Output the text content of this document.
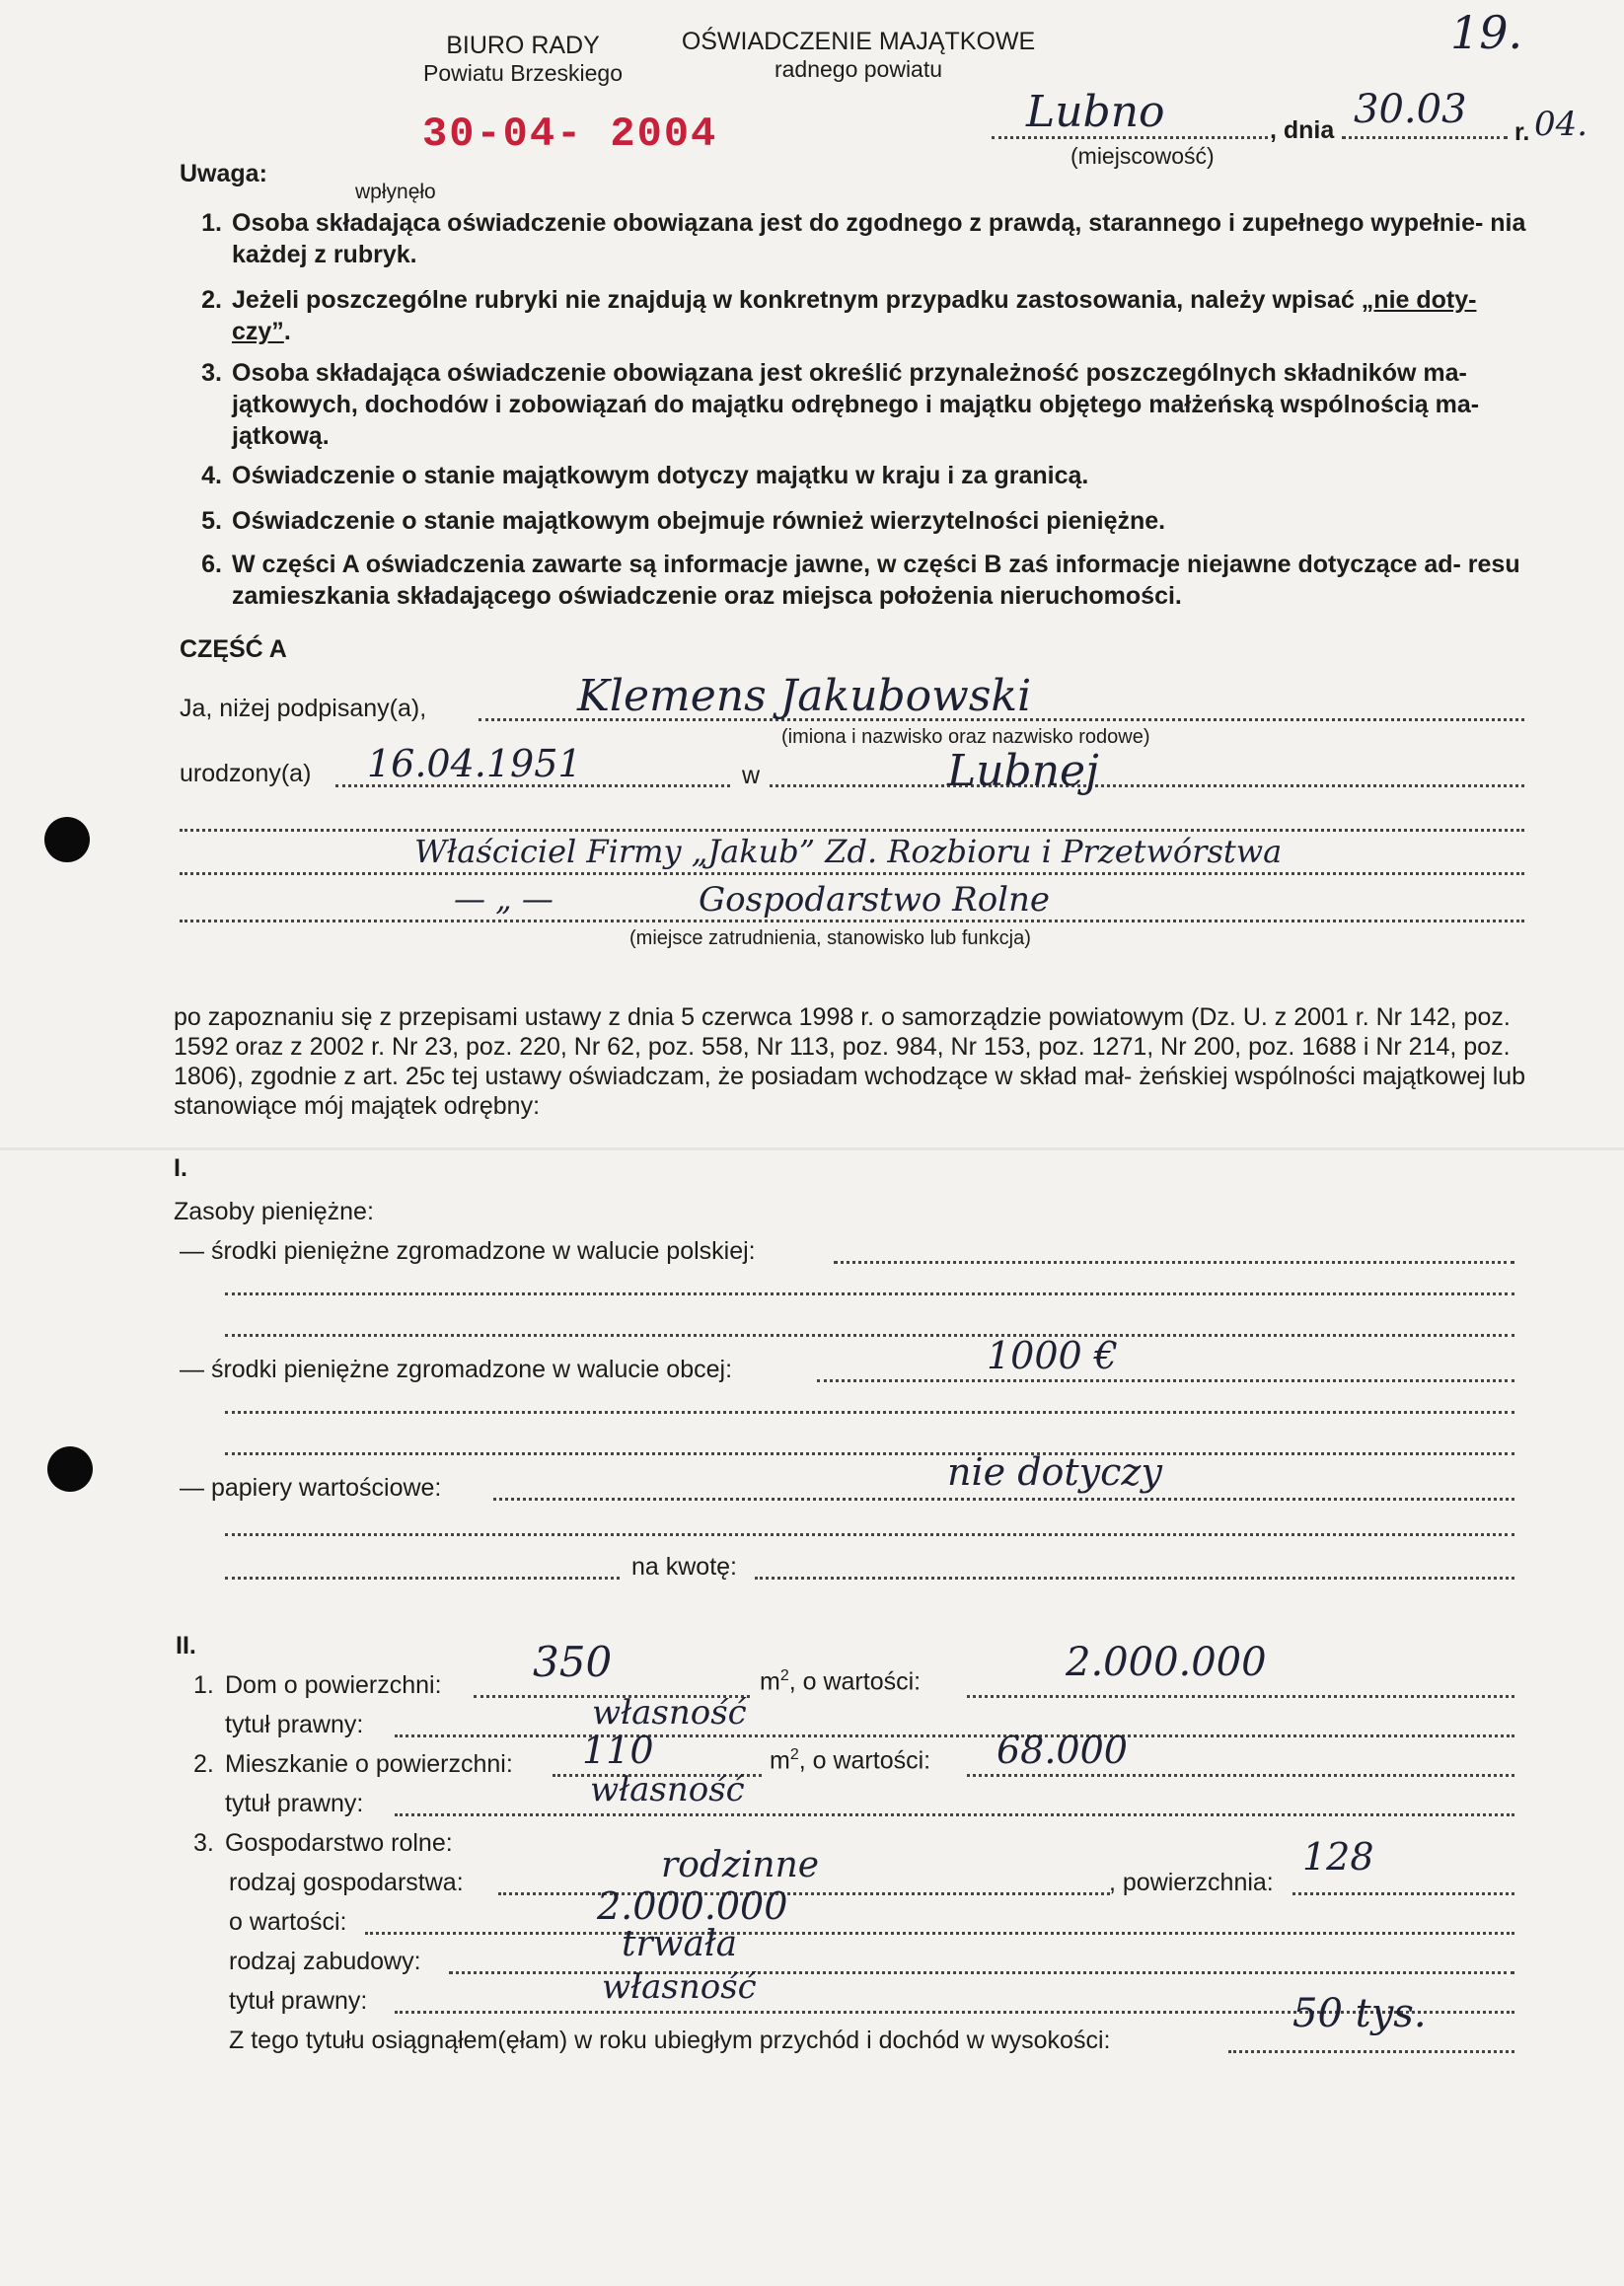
BIURO RADY
Powiatu Brzeskiego
OŚWIADCZENIE MAJĄTKOWE
radnego powiatu
30-04- 2004
19.
Lubno
(miejscowość)
, dnia 30.03 r. 04.
Uwaga:
wpłynęło
1. Osoba składająca oświadczenie obowiązana jest do zgodnego z prawdą, starannego i zupełnego wypełnie- nia każdej z rubryk.
2. Jeżeli poszczególne rubryki nie znajdują w konkretnym przypadku zastosowania, należy wpisać „nie doty- czy”.
3. Osoba składająca oświadczenie obowiązana jest określić przynależność poszczególnych składników ma- jątkowych, dochodów i zobowiązań do majątku odrębnego i majątku objętego małżeńską wspólnością ma- jątkową.
4. Oświadczenie o stanie majątkowym dotyczy majątku w kraju i za granicą.
5. Oświadczenie o stanie majątkowym obejmuje również wierzytelności pieniężne.
6. W części A oświadczenia zawarte są informacje jawne, w części B zaś informacje niejawne dotyczące ad- resu zamieszkania składającego oświadczenie oraz miejsca położenia nieruchomości.
CZĘŚĆ A
Ja, niżej podpisany(a),	Klemens Jakubowski
(imiona i nazwisko oraz nazwisko rodowe)
urodzony(a) 16.04.1951	w	Lubnej
Właściciel Firmy „Jakub” Zd. Rozbioru i Przetwórstwa
— „ —	Gospodarstwo Rolne
(miejsce zatrudnienia, stanowisko lub funkcja)
po zapoznaniu się z przepisami ustawy z dnia 5 czerwca 1998 r. o samorządzie powiatowym (Dz. U. z 2001 r. Nr 142, poz. 1592 oraz z 2002 r. Nr 23, poz. 220, Nr 62, poz. 558, Nr 113, poz. 984, Nr 153, poz. 1271, Nr 200, poz. 1688 i Nr 214, poz. 1806), zgodnie z art. 25c tej ustawy oświadczam, że posiadam wchodzące w skład mał- żeńskiej wspólności majątkowej lub stanowiące mój majątek odrębny:
I.
Zasoby pieniężne:
— środki pieniężne zgromadzone w walucie polskiej:
— środki pieniężne zgromadzone w walucie obcej:	1000 €
— papiery wartościowe:	nie dotyczy
na kwotę:
II.
1. Dom o powierzchni: 350	$m^2$, o wartości:	2.000.000
tytuł prawny:	własność
2. Mieszkanie o powierzchni: 110	$m^2$, o wartości: 68.000
tytuł prawny:	własność
3. Gospodarstwo rolne:
rodzaj gospodarstwa:	rodzinne	, powierzchnia:
128
o wartości:	2.000.000
rodzaj zabudowy:	trwała
tytuł prawny:	własność
Z tego tytułu osiągnąłem(ęłam) w roku ubiegłym przychód i dochód w wysokości:
50 tys.
